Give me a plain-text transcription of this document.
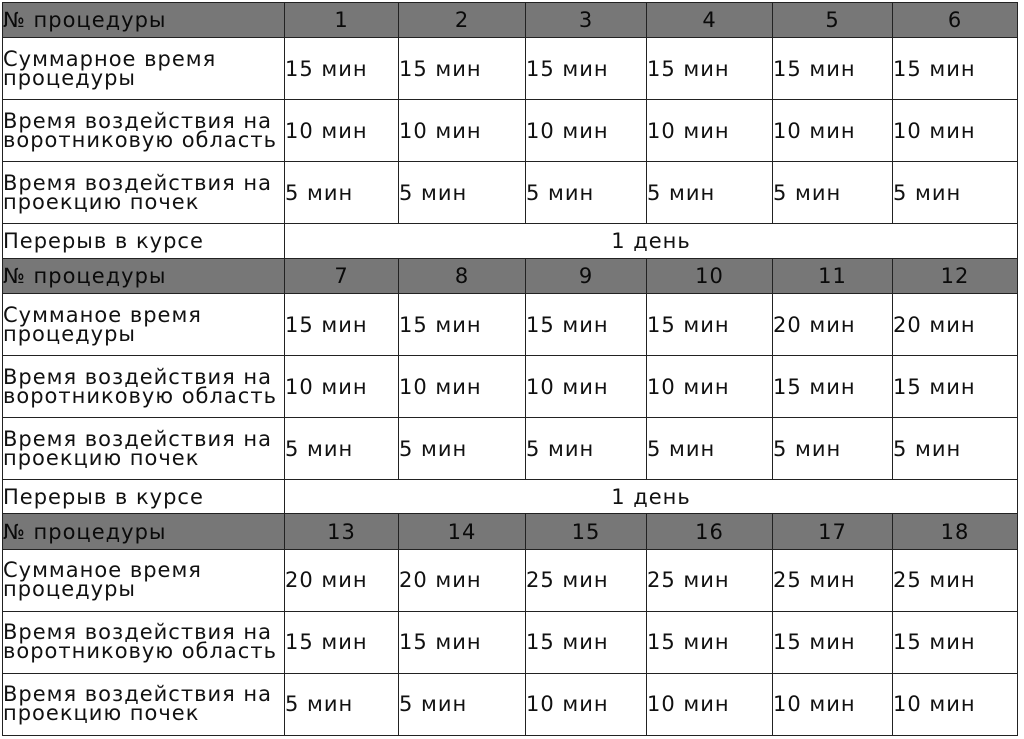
№ процедуры	1	2	3	4	5	6
Суммарное время процедуры	15 мин	15 мин	15 мин	15 мин	15 мин	15 мин
Время воздействия на воротниковую область	10 мин	10 мин	10 мин	10 мин	10 мин	10 мин
Время воздействия на проекцию почек	5 мин	5 мин	5 мин	5 мин	5 мин	5 мин
Перерыв в курсе	1 день					
№ процедуры	7	8	9	10	11	12
Сумманое время процедуры	15 мин	15 мин	15 мин	15 мин	20 мин	20 мин
Время воздействия на воротниковую область	10 мин	10 мин	10 мин	10 мин	15 мин	15 мин
Время воздействия на проекцию почек	5 мин	5 мин	5 мин	5 мин	5 мин	5 мин
Перерыв в курсе	1 день					
№ процедуры	13	14	15	16	17	18
Сумманое время процедуры	20 мин	20 мин	25 мин	25 мин	25 мин	25 мин
Время воздействия на воротниковую область	15 мин	15 мин	15 мин	15 мин	15 мин	15 мин
Время воздействия на проекцию почек	5 мин	5 мин	10 мин	10 мин	10 мин	10 мин
